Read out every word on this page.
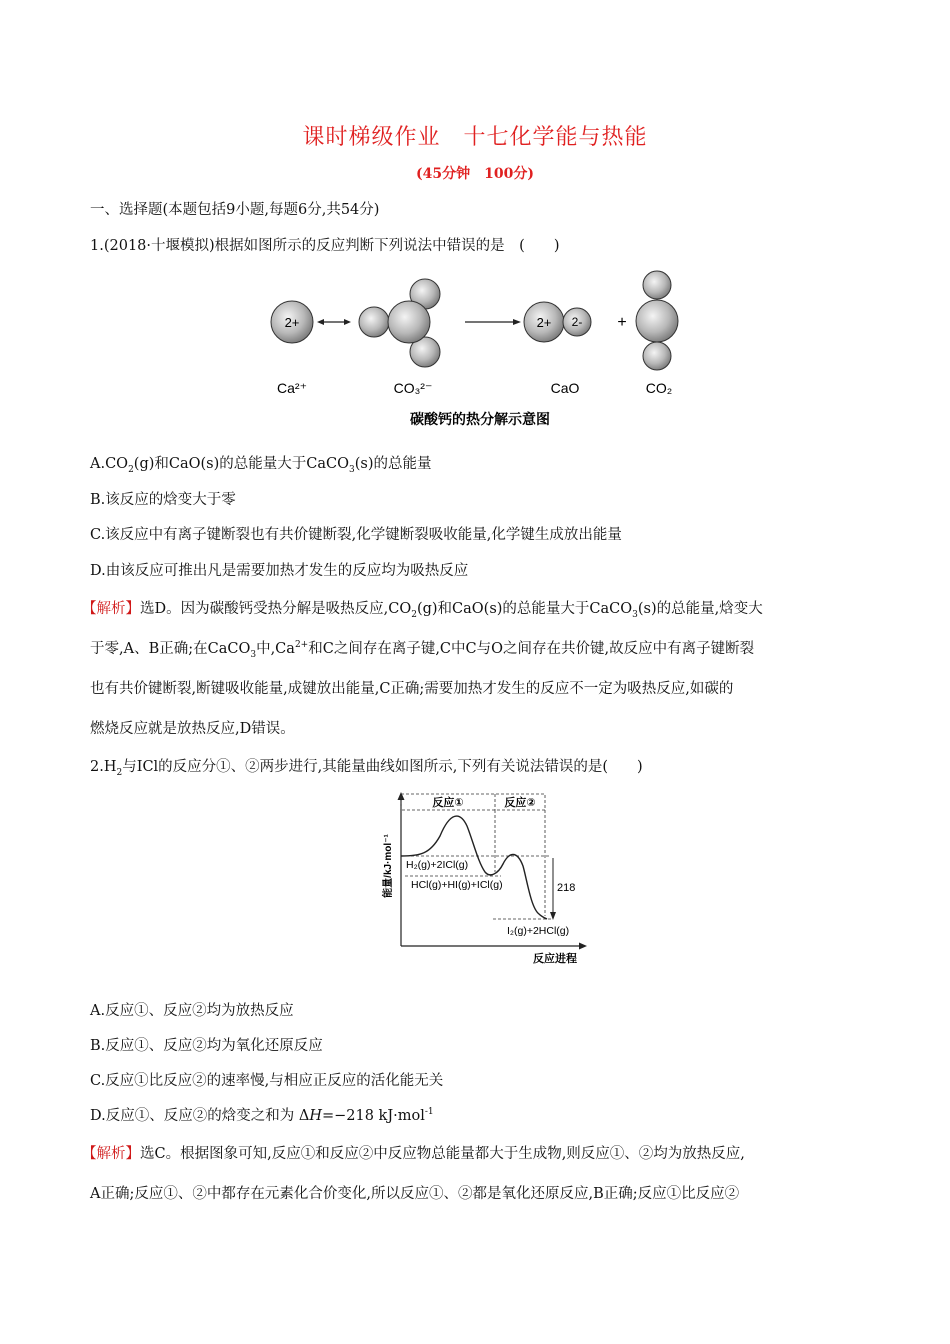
课时梯级作业　十七化学能与热能
(45分钟　100分)
一、选择题(本题包括9小题,每题6分,共54分)
1.(2018·十堰模拟)根据如图所示的反应判断下列说法中错误的是　(　　)
2+	2+ 2- +
Ca²⁺	CO₃²⁻	CaO	CO₂
碳酸钙的热分解示意图
$A.CO_2(g)$和CaO(s)的总能量大于CaCO$_3$(s)的总能量
B.该反应的焓变大于零
C.该反应中有离子键断裂也有共价键断裂,化学键断裂吸收能量,化学键生成放出能量
D.由该反应可推出凡是需要加热才发生的反应均为吸热反应
【解析】选D。因为碳酸钙受热分解是吸热反应$,CO_2(g)$和CaO(s)的总能量大于CaCO$_3$(s)的总能量,焓变大
于零,A、B正确;在CaCO$_3$中$,Ca^{2+}$和C之间存在离子键,C中C与O之间存在共价键,故反应中有离子键断裂
也有共价键断裂,断键吸收能量,成键放出能量,C正确;需要加热才发生的反应不一定为吸热反应,如碳的
燃烧反应就是放热反应,D错误。
$2.H_2$与ICl的反应分①、②两步进行,其能量曲线如图所示,下列有关说法错误的是(　　)
能量/kJ·mol⁻¹
反应进程
反应①	反应②
218
H₂(g)+2ICl(g)
HCl(g)+HI(g)+ICl(g)
I₂(g)+2HCl(g)
A.反应①、反应②均为放热反应
B.反应①、反应②均为氧化还原反应
C.反应①比反应②的速率慢,与相应正反应的活化能无关
D.反应①、反应②的焓变之和为 ΔH=−218 kJ·mol$^{-1}$
【解析】选C。根据图象可知,反应①和反应②中反应物总能量都大于生成物,则反应①、②均为放热反应,
A正确;反应①、②中都存在元素化合价变化,所以反应①、②都是氧化还原反应,B正确;反应①比反应②
